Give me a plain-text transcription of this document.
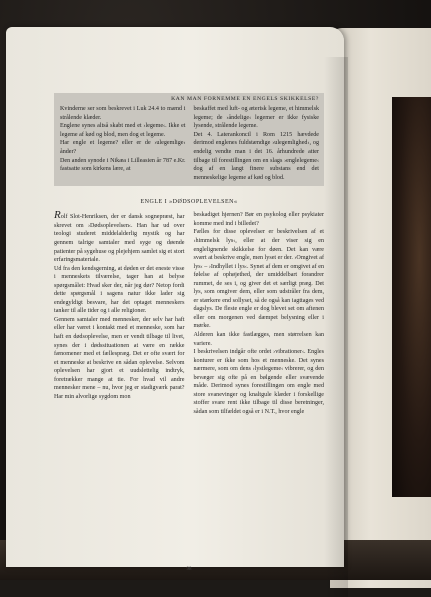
KAN MAN FORNEMME EN ENGELS SKIKKELSE?

Kvinderne ser som beskrevet i Luk 24.4 to mænd i strålende klæder.
Englene synes altså skabt med et ›legeme‹. Ikke et legeme af kød og blod, men dog et legeme.
Har engle et legeme? eller er de ›ulegemlige‹ ånder?
Den anden synode i Nikæa i Lilleasien år 787 e.Kr. fastsatte som kirkens lære, at

beskaffet med luft- og æterisk legeme, et himmelsk legeme; de ›åndelige‹ legemer er ikke fysiske lysende, strålende legeme.
Det 4. Laterankoncil i Rom 1215 hævdede derimod englenes fuldstændige ›ulegemlighed‹, og endelig vendte man i det 16. århundrede atter tilbage til forestillingen om en slags ›englelegeme‹ dog af en langt finere substans end det menneskelige legeme af kød og blod.

ENGLE I »DØDSOPLEVELSEN«

Rolf Slot-Henriksen, der er dansk sognepræst, har skrevet om ›Dødsoplevelsen‹. Han har ud over teologi studeret middelalderlig mystik og har gennem talrige samtaler med syge og døende patienter på sygehuse og plejehjem samlet sig et stort erfaringsmateriale.
Ud fra den kendsgerning, at døden er det eneste visse i menneskets tilværelse, tager han at belyse spørgsmålet: Hvad sker der, når jeg dør? Netop fordi dette spørgsmål i sagens natur ikke lader sig endegyldigt besvare, har det optaget menneskers tanker til alle tider og i alle religioner.
Gennem samtaler med mennesker, der selv har haft eller har været i kontakt med et menneske, som har haft en dødsoplevelse, men er vendt tilbage til livet, synes der i dødssituationen at være en række fænomener med et fællespræg. Det er ofte svært for et menneske at beskrive en sådan oplevelse. Selvom oplevelsen har gjort et uudslettelig indtryk, foretrækker mange at tie. For hvad vil andre mennesker mene – nu, hvor jeg er stadigværk parat? Har min alvorlige sygdom mon

beskadiget hjernen? Bør en psykolog eller psykiater komme med ind i billedet?
Fælles for disse oplevelser er beskrivelsen af et ›himmelsk lys‹, eller at der viser sig en englelignende skikkelse for døen. Det kan være svært at beskrive engle, men lyset er der. ›Omgivet af lys‹ – ›Indhyllet i lys‹. Synet af dem er omgivet af en følelse af ophøjethed, der umiddelbart forandrer rummet, de ses i, og giver det et særligt præg. Det lys, som omgiver dem, eller som udstråler fra dem, er stærkere end sollyset, så de også kan iagttages ved dagslys. De fleste engle er dog blevet set om aftenen eller om morgenen ved dæmpet belysning eller i mørke.
Alderen kan ikke fastlægges, men størrelsen kan variere.
I beskrivelsen indgår ofte ordet ›vibrationer‹. Engles konturer er ikke som hos et menneske. Det synes nærmere, som om dens ›lystlegeme‹ vibrerer, og den bevæger sig ofte på en bølgende eller svævende måde. Derimod synes forestillingen om engle med store svanevinger og knaltgule klæder i forskellige stoffer svare rent ikke tilbage til disse beretninger, sådan som tilfældet også er i N.T., hvor engle

98
